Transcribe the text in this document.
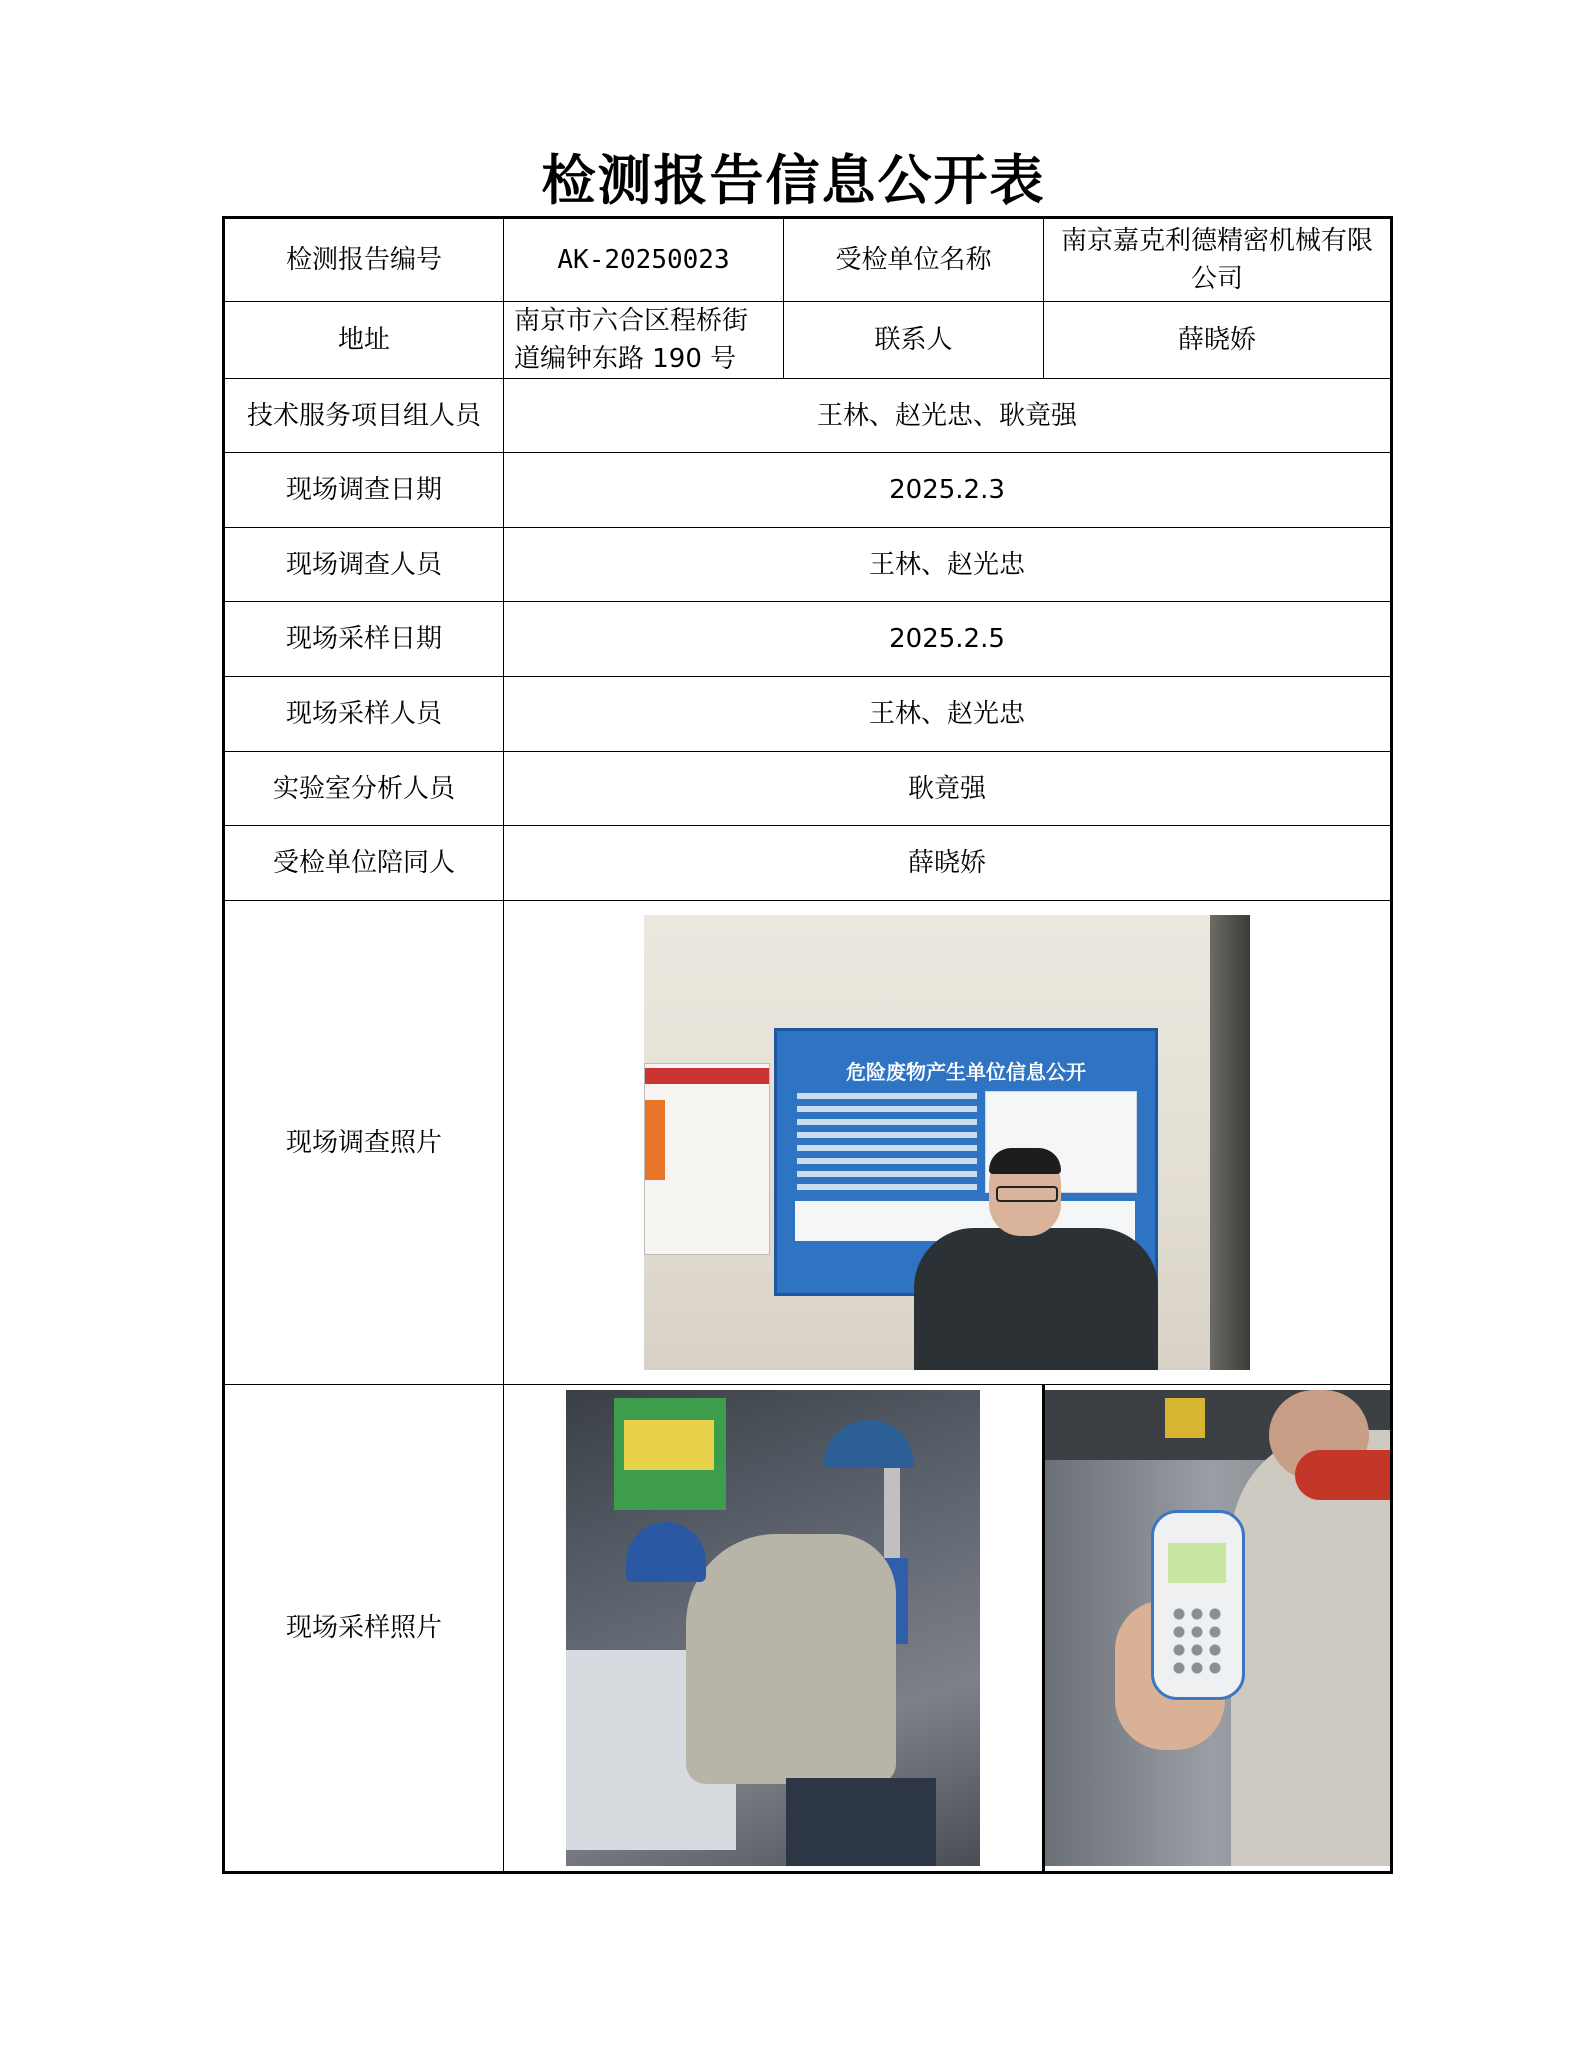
检测报告信息公开表
检测报告编号	AK-20250023	受检单位名称	南京嘉克利德精密机械有限公司
地址	南京市六合区程桥街道编钟东路 190 号	联系人	薛晓娇
技术服务项目组人员	王林、赵光忠、耿竟强		
现场调查日期	2025.2.3		
现场调查人员	王林、赵光忠		
现场采样日期	2025.2.5		
现场采样人员	王林、赵光忠		
实验室分析人员	耿竟强		
受检单位陪同人	薛晓娇		
现场调查照片	危险废物产生单位信息公开		

现场采样照片		
